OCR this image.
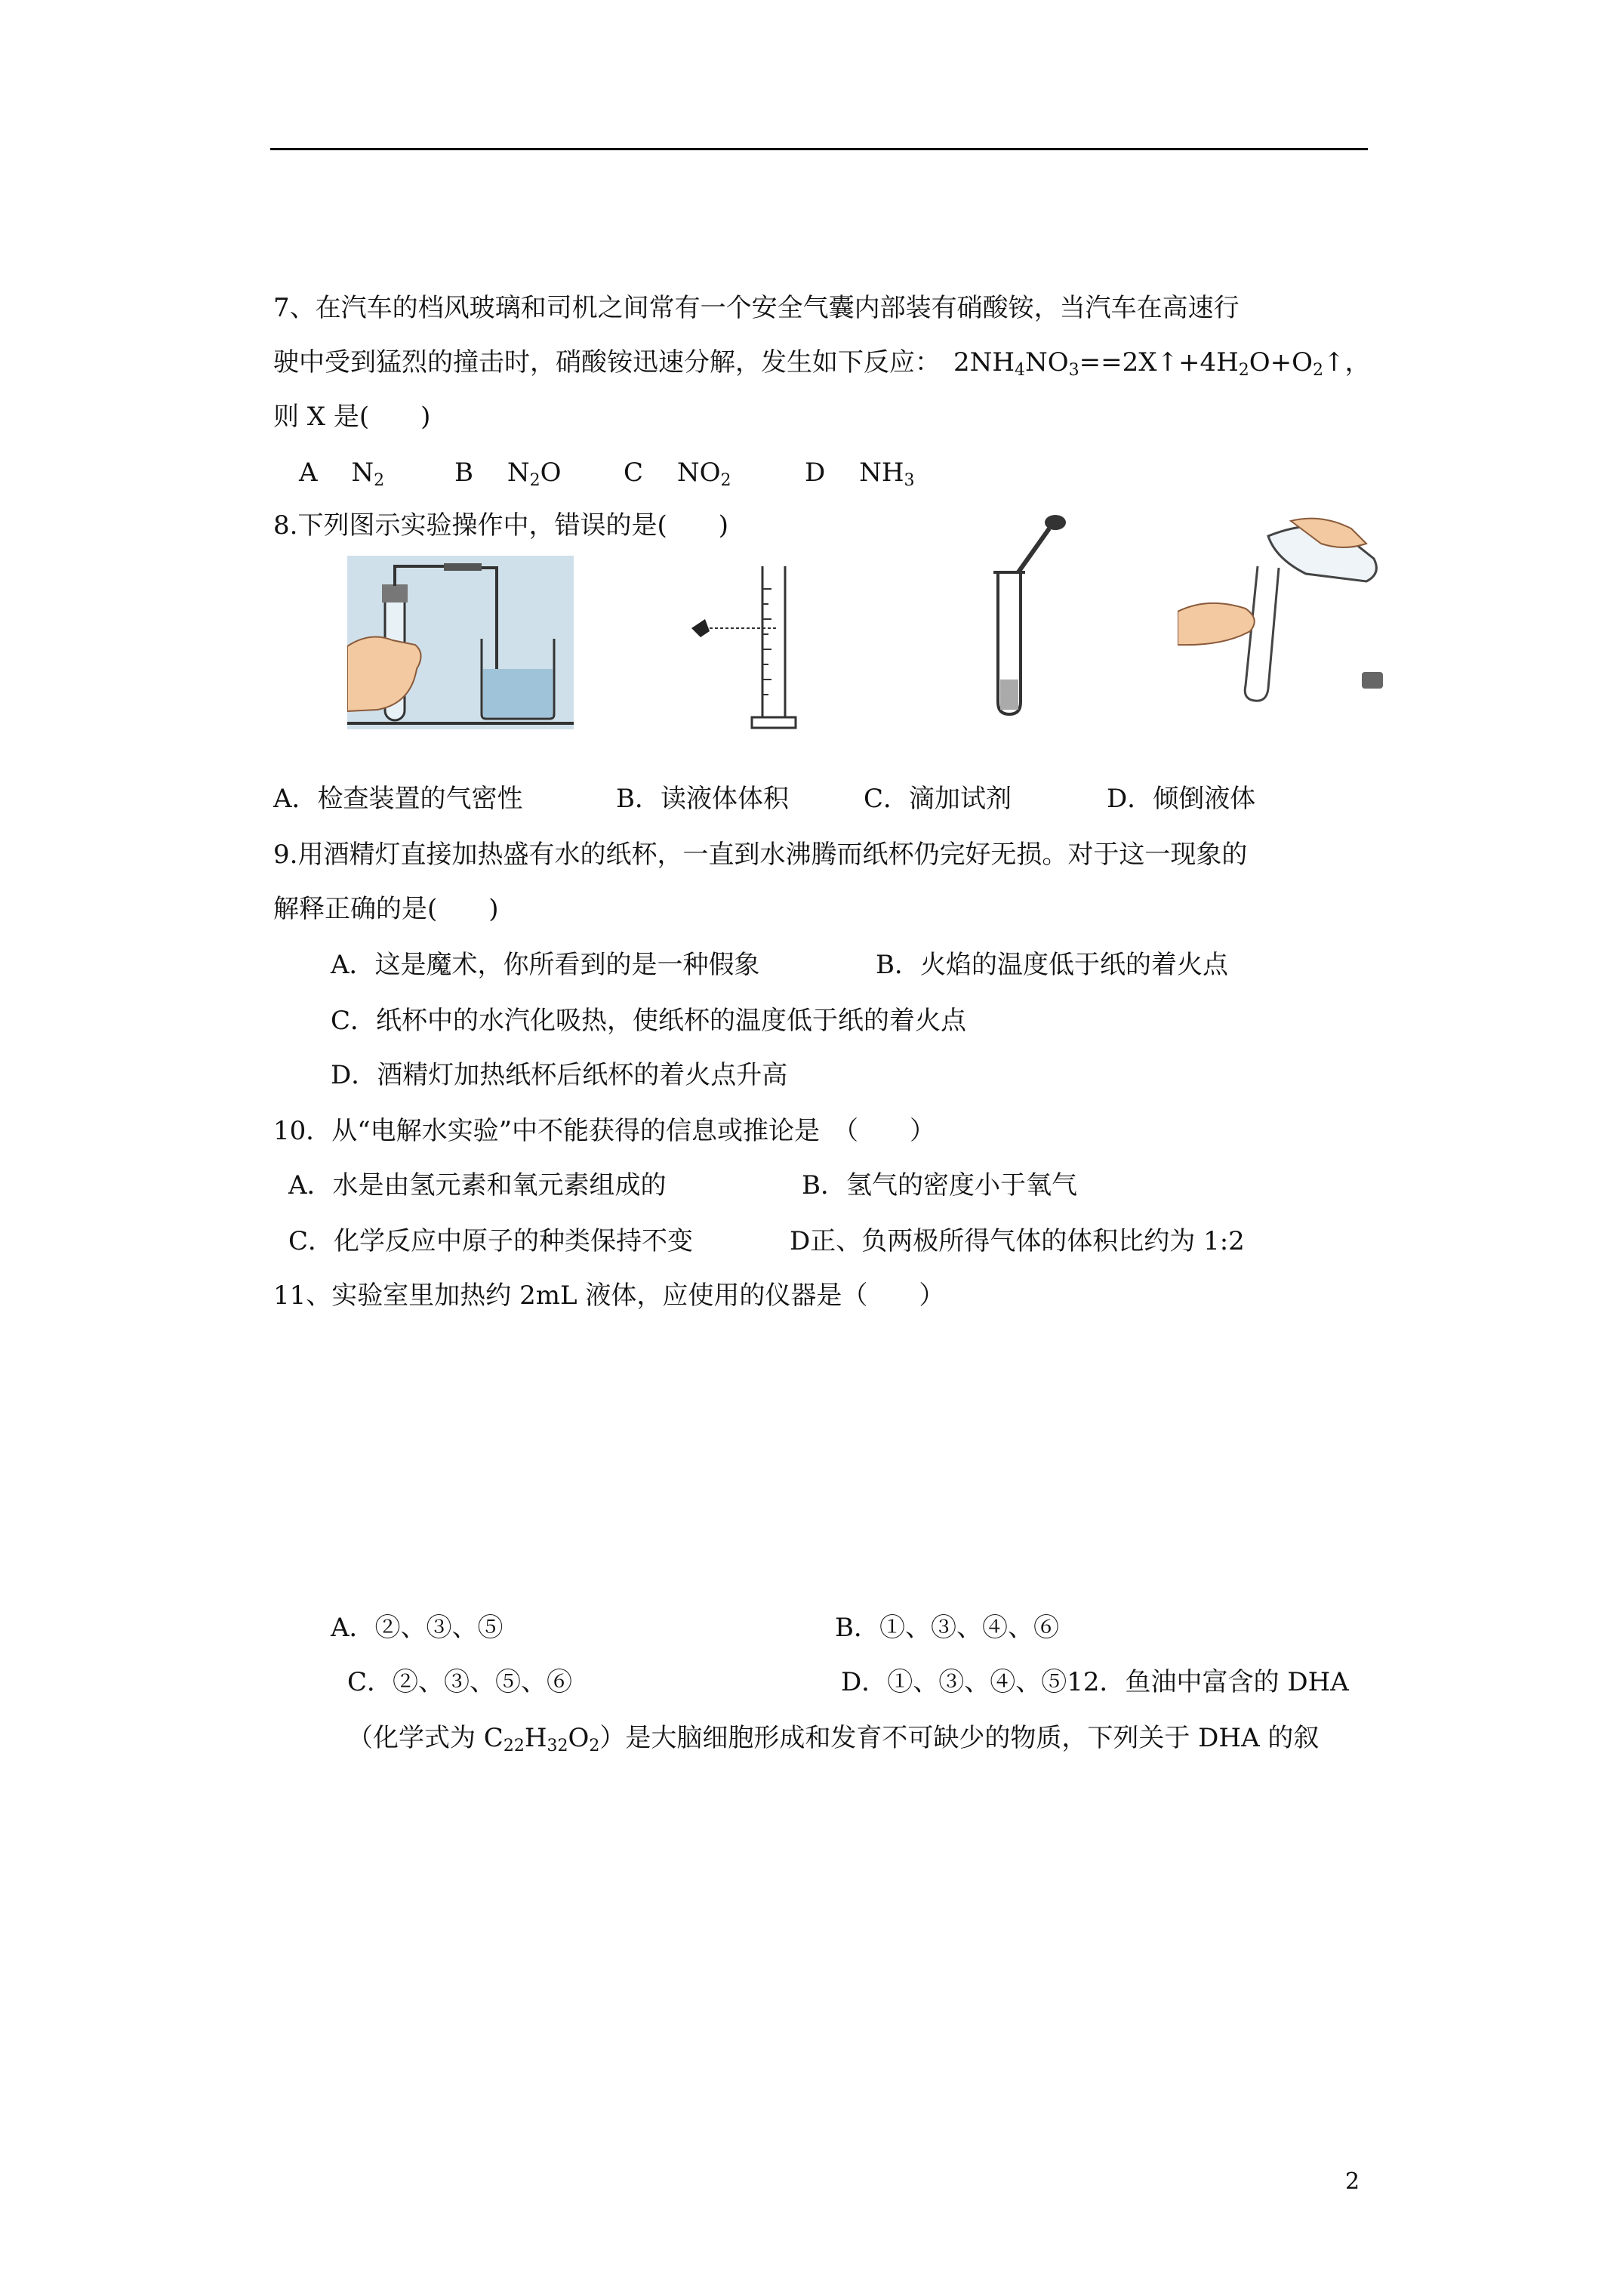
7、在汽车的档风玻璃和司机之间常有一个安全气囊内部装有硝酸铵，当汽车在高速行
驶中受到猛烈的撞击时，硝酸铵迅速分解，发生如下反应：　 $2NH_4NO_3==2X↑+4H_2O+O_2↑$，
则 X 是(　　)
A　 $N_2$	B　 $N_2O$ C　 $NO_2$	D　 $NH_3$
8.下列图示实验操作中，错误的是(　　)
A．检查装置的气密性	B．读液体体积	C．滴加试剂	D．倾倒液体
9.用酒精灯直接加热盛有水的纸杯，一直到水沸腾而纸杯仍完好无损。对于这一现象的
解释正确的是(　　)
A．这是魔术，你所看到的是一种假象	B．火焰的温度低于纸的着火点
C．纸杯中的水汽化吸热，使纸杯的温度低于纸的着火点
D．酒精灯加热纸杯后纸杯的着火点升高
10．从“电解水实验”中不能获得的信息或推论是　（　　）
A．水是由氢元素和氧元素组成的	B．氢气的密度小于氧气
C．化学反应中原子的种类保持不变	D正、负两极所得气体的体积比约为 1:2
11、实验室里加热约 2mL 液体，应使用的仪器是（　　）
A．②、③、⑤	B．①、③、④、⑥
C．②、③、⑤、⑥	D．①、③、④、⑤12．鱼油中富含的 DHA
（化学式为 $C_{22}H_{32}O_2$）是大脑细胞形成和发育不可缺少的物质，下列关于 DHA 的叙
2
